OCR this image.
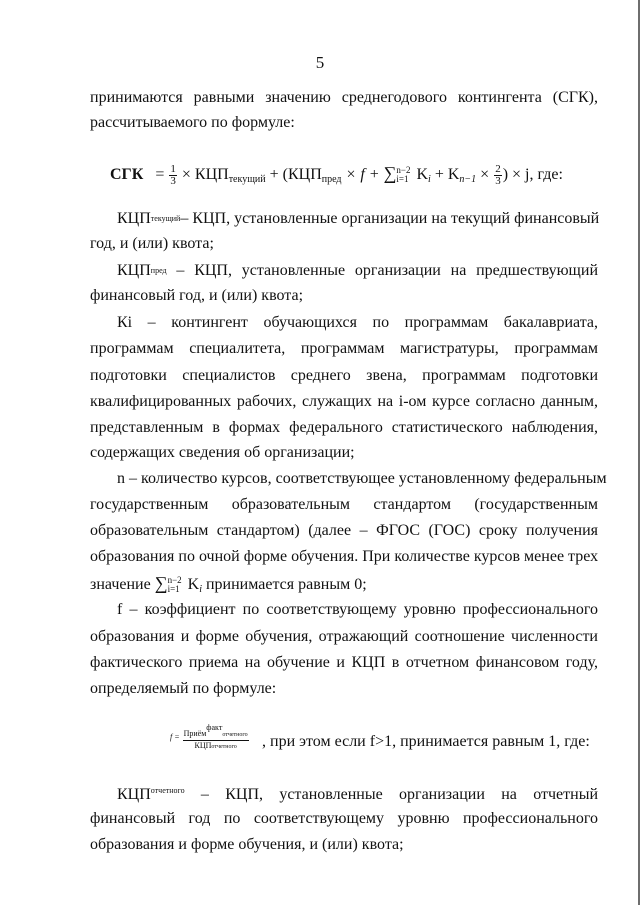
5
принимаются равными значению среднегодового контингента (СГК),
рассчитываемого по формуле:
СГК = $\frac{1}{3} \times КЦП_{текущий} + (КЦП_{пред} \times f$ + ∑ n−2
i=1 $K_i + K_{n-1} \times \frac{2}{3}$ ) × j, где:
КЦПтекущий– КЦП, установленные организации на текущий финансовый
год, и (или) квота;
КЦПпред – КЦП, установленные организации на предшествующий
финансовый год, и (или) квота;
Кi – контингент обучающихся по программам бакалавриата,
программам специалитета, программам магистратуры, программам
подготовки специалистов среднего звена, программам подготовки
квалифицированных рабочих, служащих на i-ом курсе согласно данным,
представленным в формах федерального статистического наблюдения,
содержащих сведения об организации;
n – количество курсов, соответствующее установленному федеральным
государственным образовательным стандартом (государственным
образовательным стандартом) (далее – ФГОС (ГОС) сроку получения
образования по очной форме обучения. При количестве курсов менее трех
значение ∑ n−2
i=1 $K_i$ принимается равным 0;
f – коэффициент по соответствующему уровню профессионального
образования и форме обучения, отражающий соотношение численности
фактического приема на обучение и КЦП в отчетном финансовом году,
определяемый по формуле:
$f = \frac{\text{Приёмфактотчетного}}{\text{КЦПотчетного}}$ , при этом если f>1, принимается равным 1, где:
$КЦП^{отчетного}$ – КЦП, установленные организации на отчетный
финансовый год по соответствующему уровню профессионального
образования и форме обучения, и (или) квота;
